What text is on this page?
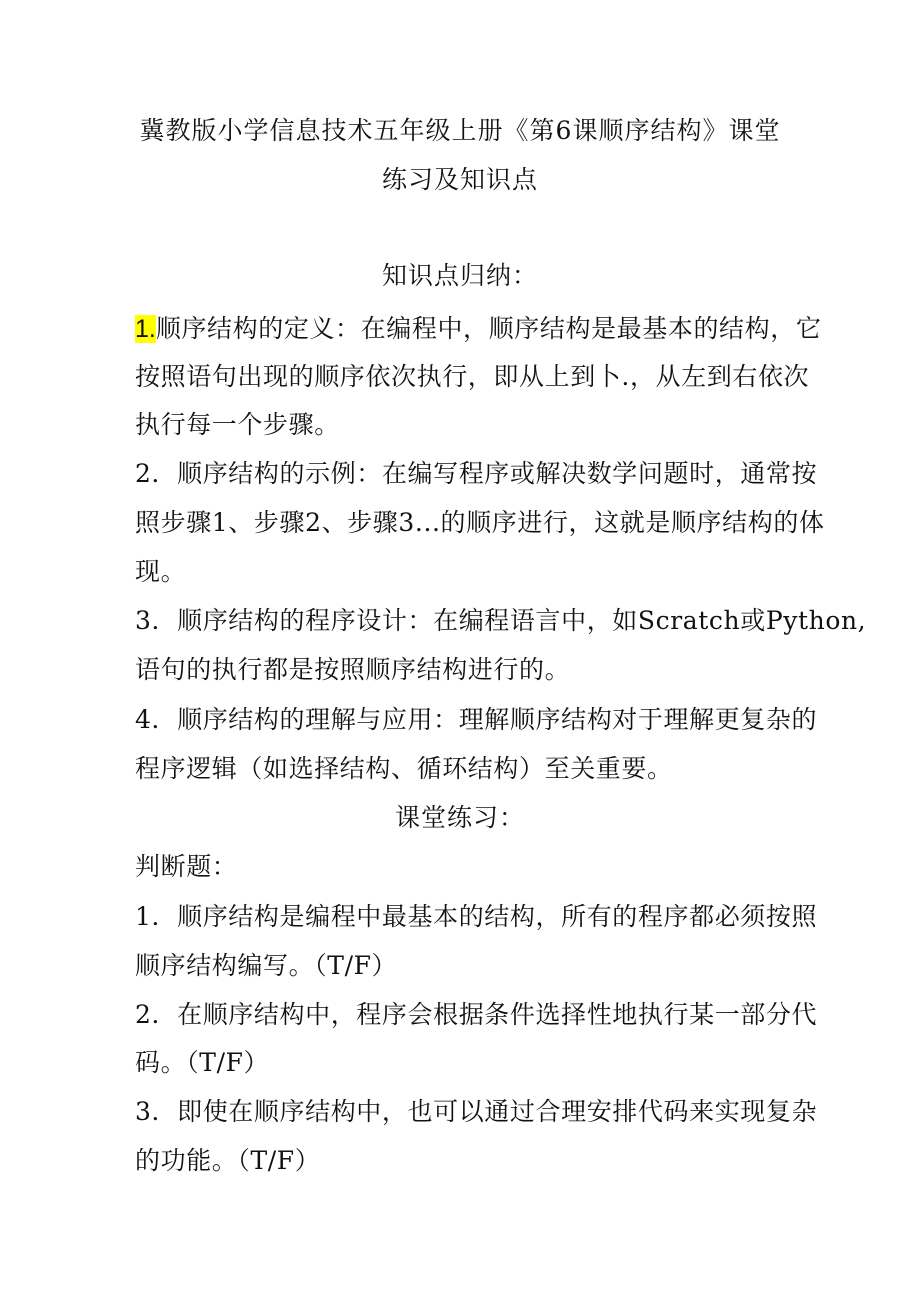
冀教版小学信息技术五年级上册《第6课顺序结构》课堂
练习及知识点
知识点归纳：
1.顺序结构的定义：在编程中，顺序结构是最基本的结构，它
按照语句出现的顺序依次执行，即从上到卜.，从左到右依次
执行每一个步骤。
2．顺序结构的示例：在编写程序或解决数学问题时，通常按
照步骤1、步骤2、步骤3...的顺序进行，这就是顺序结构的体
现。
3．顺序结构的程序设计：在编程语言中，如Scratch或Python,
语句的执行都是按照顺序结构进行的。
4．顺序结构的理解与应用：理解顺序结构对于理解更复杂的
程序逻辑（如选择结构、循环结构）至关重要。
课堂练习：
判断题：
1．顺序结构是编程中最基本的结构，所有的程序都必须按照
顺序结构编写。（T/F）
2．在顺序结构中，程序会根据条件选择性地执行某一部分代
码。（T/F）
3．即使在顺序结构中，也可以通过合理安排代码来实现复杂
的功能。（T/F）
